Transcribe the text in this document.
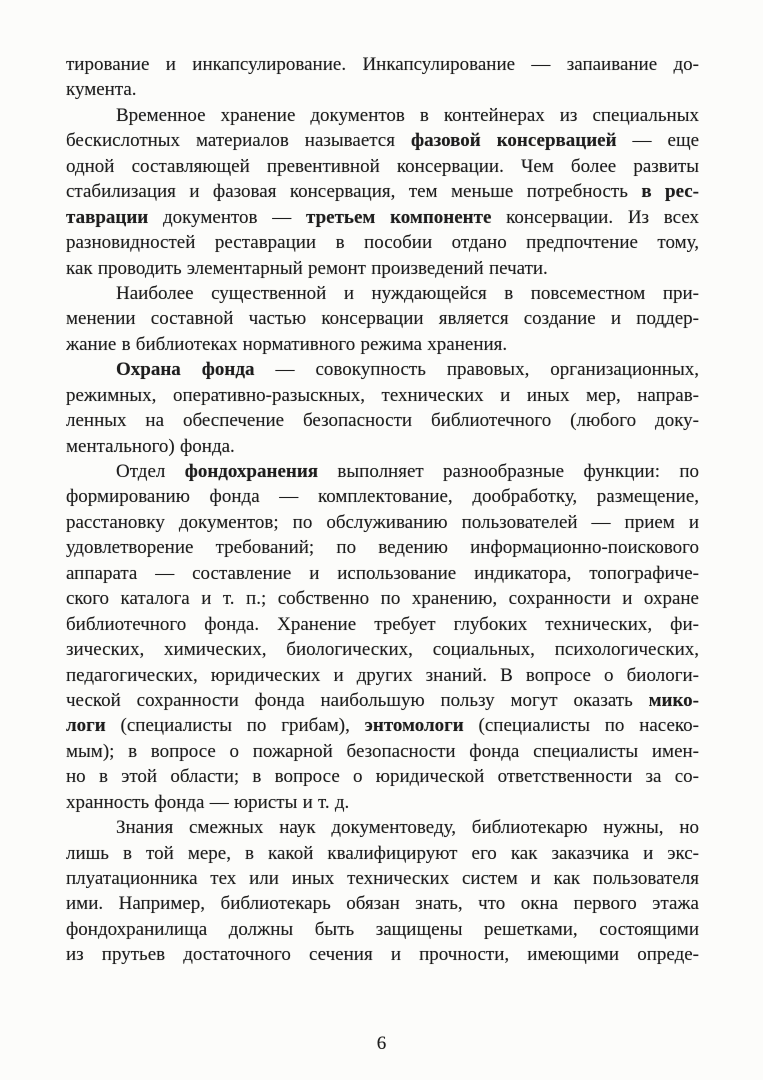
тирование и инкапсулирование. Инкапсулирование — запаивание до-
кумента.
Временное хранение документов в контейнерах из специальных
бескислотных материалов называется фазовой консервацией — еще
одной составляющей превентивной консервации. Чем более развиты
стабилизация и фазовая консервация, тем меньше потребность в рес-
таврации документов — третьем компоненте консервации. Из всех
разновидностей реставрации в пособии отдано предпочтение тому,
как проводить элементарный ремонт произведений печати.
Наиболее существенной и нуждающейся в повсеместном при-
менении составной частью консервации является создание и поддер-
жание в библиотеках нормативного режима хранения.
Охрана фонда — совокупность правовых, организационных,
режимных, оперативно-разыскных, технических и иных мер, направ-
ленных на обеспечение безопасности библиотечного (любого доку-
ментального) фонда.
Отдел фондохранения выполняет разнообразные функции: по
формированию фонда — комплектование, дообработку, размещение,
расстановку документов; по обслуживанию пользователей — прием и
удовлетворение требований; по ведению информационно-поискового
аппарата — составление и использование индикатора, топографиче-
ского каталога и т. п.; собственно по хранению, сохранности и охране
библиотечного фонда. Хранение требует глубоких технических, фи-
зических, химических, биологических, социальных, психологических,
педагогических, юридических и других знаний. В вопросе о биологи-
ческой сохранности фонда наибольшую пользу могут оказать мико-
логи (специалисты по грибам), энтомологи (специалисты по насеко-
мым); в вопросе о пожарной безопасности фонда специалисты имен-
но в этой области; в вопросе о юридической ответственности за со-
хранность фонда — юристы и т. д.
Знания смежных наук документоведу, библиотекарю нужны, но
лишь в той мере, в какой квалифицируют его как заказчика и экс-
плуатационника тех или иных технических систем и как пользователя
ими. Например, библиотекарь обязан знать, что окна первого этажа
фондохранилища должны быть защищены решетками, состоящими
из прутьев достаточного сечения и прочности, имеющими опреде-
6
